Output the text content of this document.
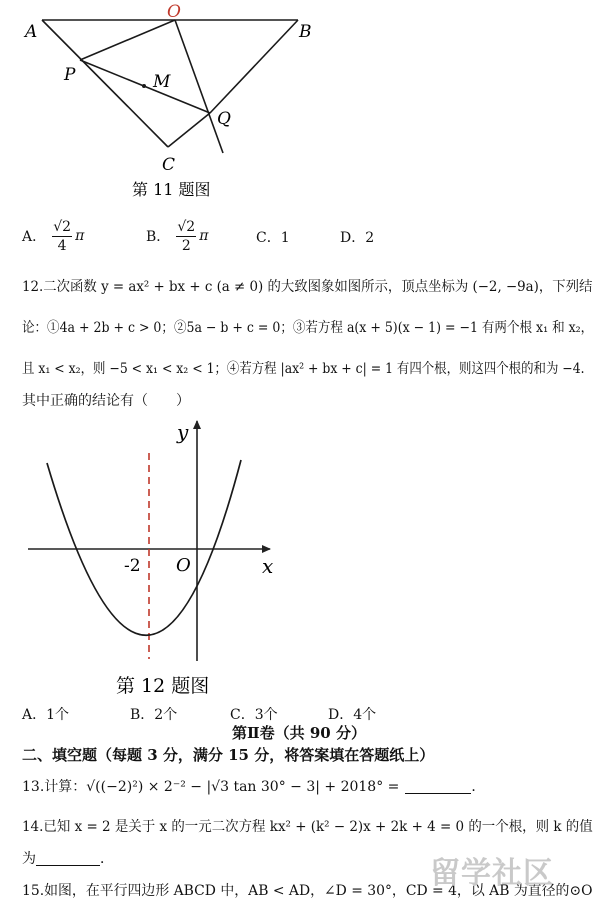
A
O
B
P	M
Q
C
第 11 题图
A．
√2
4
π	B．
√2
2
π	C．1	D．2
12.二次函数 y = ax² + bx + c (a ≠ 0) 的大致图象如图所示，顶点坐标为 (−2, −9a)，下列结
论：①4a + 2b + c > 0；②5a − b + c = 0；③若方程 a(x + 5)(x − 1) = −1 有两个根 x₁ 和 x₂，
且 x₁ < x₂，则 −5 < x₁ < x₂ < 1；④若方程 |ax² + bx + c| = 1 有四个根，则这四个根的和为 −4．
其中正确的结论有（　　）
y
x
O
-2
第 12 题图
A．1个	B．2个	C．3个	D．4个
第Ⅱ卷（共 90 分）
二、填空题（每题 3 分，满分 15 分，将答案填在答题纸上）
13.计算：√((−2)²) × 2⁻² − |√3 tan 30° − 3| + 2018° =	．
14.已知 x = 2 是关于 x 的一元二次方程 kx² + (k² − 2)x + 2k + 4 = 0 的一个根，则 k 的值
为	．
15.如图，在平行四边形 ABCD 中，AB < AD，∠D = 30°，CD = 4，以 AB 为直径的⊙O
留学社区
